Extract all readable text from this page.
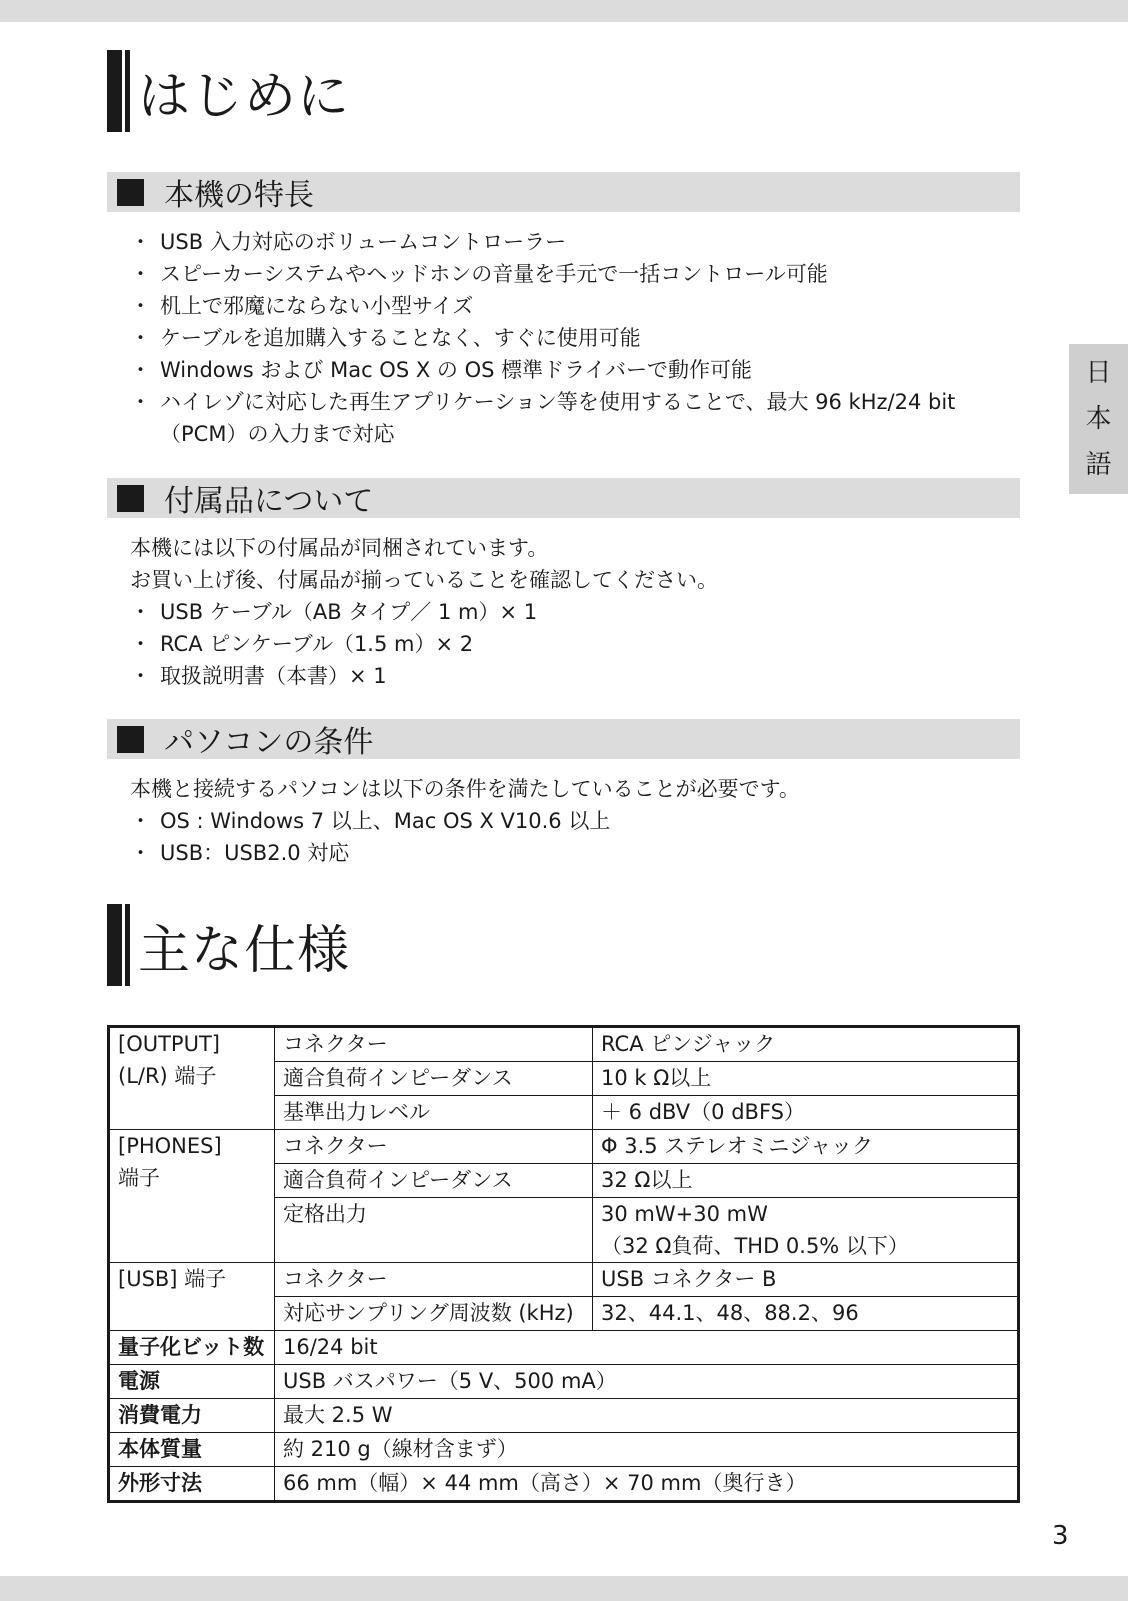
はじめに
本機の特長
・ USB 入力対応のボリュームコントローラー
・ スピーカーシステムやヘッドホンの音量を手元で一括コントロール可能
・ 机上で邪魔にならない小型サイズ
・ ケーブルを追加購入することなく、すぐに使用可能
・ Windows および Mac OS X の OS 標準ドライバーで動作可能
・ ハイレゾに対応した再生アプリケーション等を使用することで、最大 96 kHz/24 bit
（PCM）の入力まで対応
付属品について
本機には以下の付属品が同梱されています。
お買い上げ後、付属品が揃っていることを確認してください。
・ USB ケーブル（AB タイプ／ 1 m）× 1
・ RCA ピンケーブル（1.5 m）× 2
・ 取扱説明書（本書）× 1
パソコンの条件
本機と接続するパソコンは以下の条件を満たしていることが必要です。
・ OS : Windows 7 以上、Mac OS X V10.6 以上
・ USB：USB2.0 対応
主な仕様
日
本
語
[OUTPUT]
(L/R) 端子	コネクター	RCA ピンジャック
	適合負荷インピーダンス	10 k Ω以上
	基準出力レベル	＋ 6 dBV（0 dBFS）

[PHONES]
端子	コネクター	Φ 3.5 ステレオミニジャック
	適合負荷インピーダンス	32 Ω以上
	定格出力	30 mW+30 mW
（32 Ω負荷、THD 0.5% 以下）

[USB] 端子	コネクター	USB コネクター B
	対応サンプリング周波数 (kHz)	32、44.1、48、88.2、96
量子化ビット数	16/24 bit	
電源	USB バスパワー（5 V、500 mA）	
消費電力	最大 2.5 W	
本体質量	約 210 g（線材含まず）	
外形寸法	66 mm（幅）× 44 mm（高さ）× 70 mm（奥行き）	
3
